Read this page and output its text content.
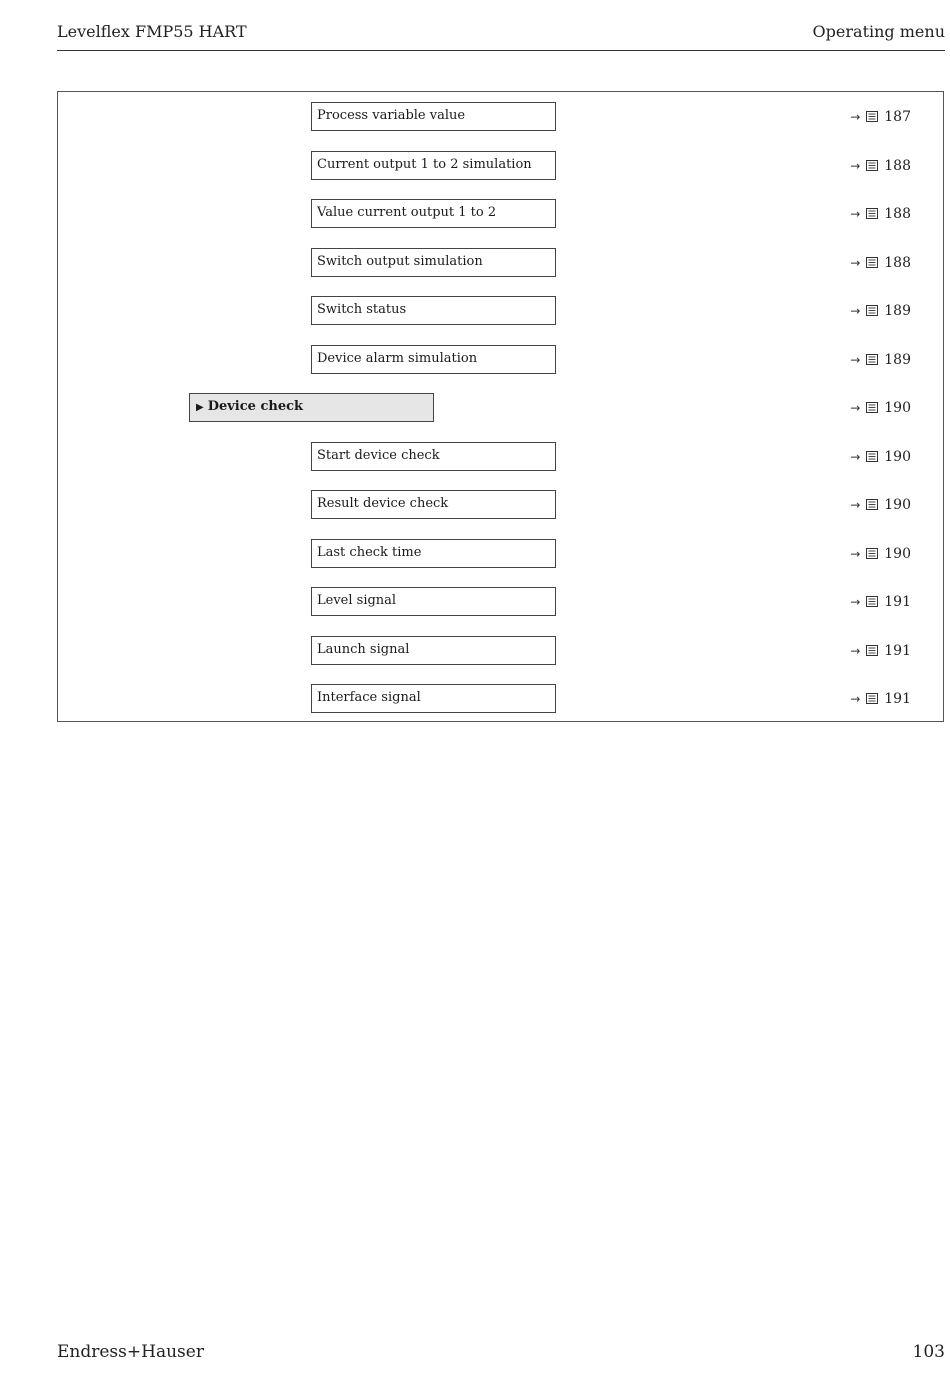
Levelflex FMP55 HART	Operating menu
Process variable value	→ 187
Current output 1 to 2 simulation	→ 188
Value current output 1 to 2	→ 188
Switch output simulation	→ 188
Switch status	→ 189
Device alarm simulation	→ 189
▶ Device check	→ 190
Start device check	→ 190
Result device check	→ 190
Last check time	→ 190
Level signal	→ 191
Launch signal	→ 191
Interface signal	→ 191
Endress+Hauser	103
